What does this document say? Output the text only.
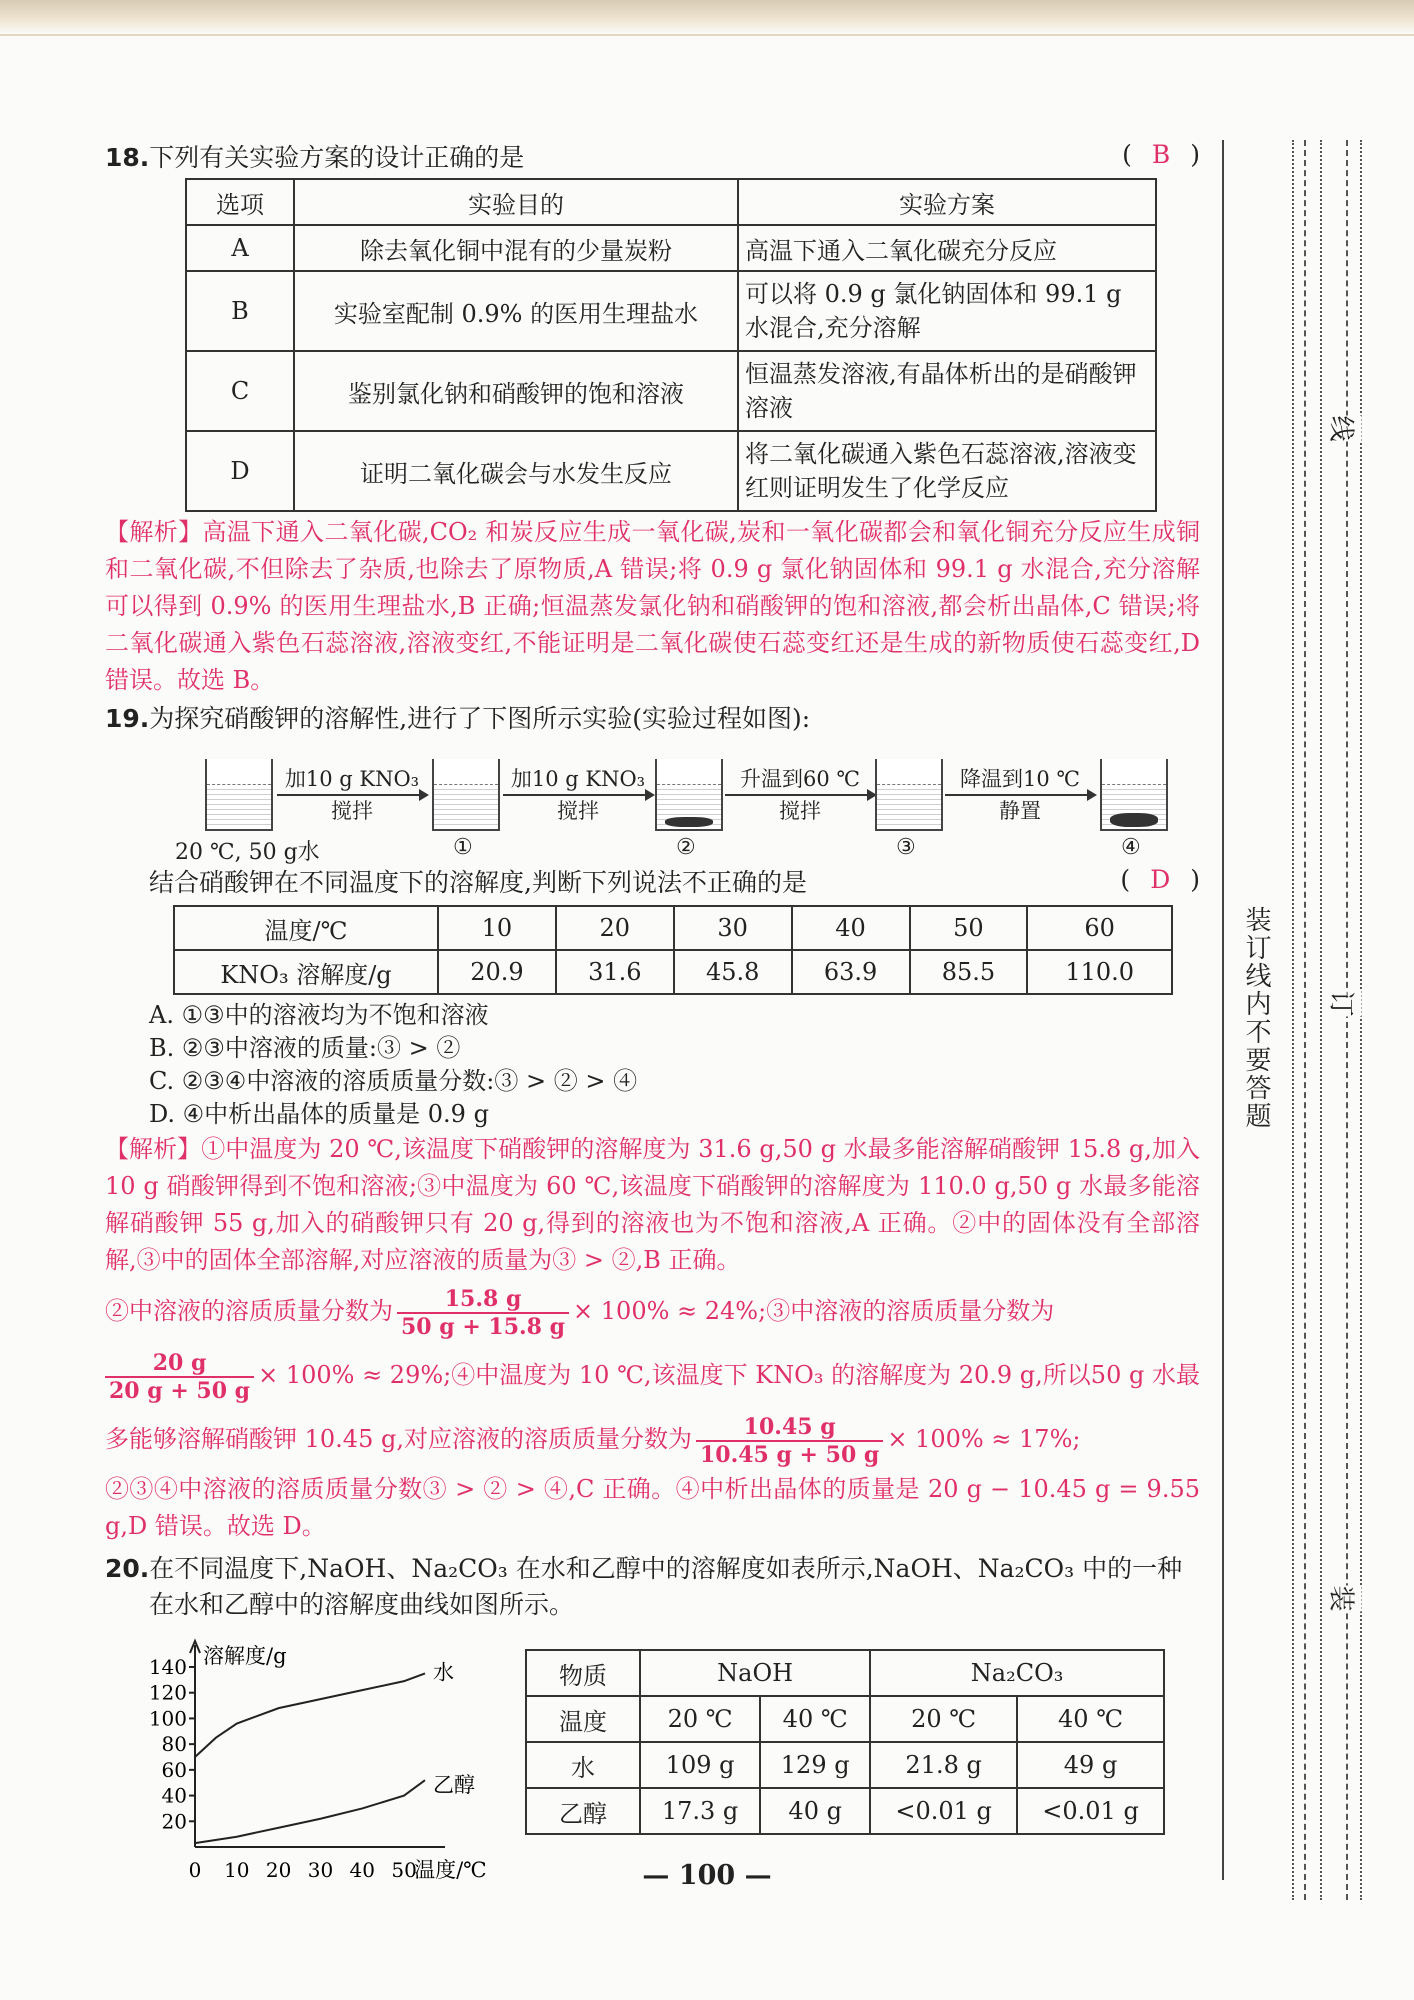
线
装订线内不要答题 订
装

18.下列有关实验方案的设计正确的是	( B )
选项	实验目的	实验方案
A	除去氧化铜中混有的少量炭粉	高温下通入二氧化碳充分反应
B	实验室配制 0.9% 的医用生理盐水	可以将 0.9 g 氯化钠固体和 99.1 g 水混合,充分溶解
C	鉴别氯化钠和硝酸钾的饱和溶液	恒温蒸发溶液,有晶体析出的是硝酸钾溶液
D	证明二氧化碳会与水发生反应	将二氧化碳通入紫色石蕊溶液,溶液变红则证明发生了化学反应

【解析】高温下通入二氧化碳,CO₂ 和炭反应生成一氧化碳,炭和一氧化碳都会和氧化铜充分反应生成铜和二氧化碳,不但除去了杂质,也除去了原物质,A 错误;将 0.9 g 氯化钠固体和 99.1 g 水混合,充分溶解可以得到 0.9% 的医用生理盐水,B 正确;恒温蒸发氯化钠和硝酸钾的饱和溶液,都会析出晶体,C 错误;将二氧化碳通入紫色石蕊溶液,溶液变红,不能证明是二氧化碳使石蕊变红还是生成的新物质使石蕊变红,D 错误。故选 B。

19.为探究硝酸钾的溶解性,进行了下图所示实验(实验过程如图):

加10 g KNO₃
搅拌
加10 g KNO₃
搅拌
升温到60 ℃
搅拌
降温到10 ℃
静置
20 ℃, 50 g水	①	②	③	④

结合硝酸钾在不同温度下的溶解度,判断下列说法不正确的是	( D )
温度/℃	10	20	30	40	50	60
KNO₃ 溶解度/g	20.9	31.6	45.8	63.9	85.5	110.0

A. ①③中的溶液均为不饱和溶液

B. ②③中溶液的质量:③ > ②

C. ②③④中溶液的溶质质量分数:③ > ② > ④

D. ④中析出晶体的质量是 0.9 g

【解析】①中温度为 20 ℃,该温度下硝酸钾的溶解度为 31.6 g,50 g 水最多能溶解硝酸钾 15.8 g,加入 10 g 硝酸钾得到不饱和溶液;③中温度为 60 ℃,该温度下硝酸钾的溶解度为 110.0 g,50 g 水最多能溶解硝酸钾 55 g,加入的硝酸钾只有 20 g,得到的溶液也为不饱和溶液,A 正确。②中的固体没有全部溶解,③中的固体全部溶解,对应溶液的质量为③ > ②,B 正确。

②中溶液的溶质质量分数为 $\frac{15.8 g}{50 g + 15.8 g} \times 100\%$ ≈ 24%;③中溶液的溶质质量分数为

$\frac{20 g}{20 g + 50 g} \times 100\%$ ≈ 29%;④中温度为 10 ℃,该温度下 KNO₃ 的溶解度为 20.9 g,所以50 g 水最多能够溶解硝酸钾 10.45 g,对应溶液的溶质质量分数为 $\frac{10.45 g}{10.45 g + 50 g} \times 100\% \approx 17\%$;

②③④中溶液的溶质质量分数③ > ② > ④,C 正确。④中析出晶体的质量是 20 g − 10.45 g = 9.55 g,D 错误。故选 D。

20.在不同温度下,NaOH、Na₂CO₃ 在水和乙醇中的溶解度如表所示,NaOH、Na₂CO₃ 中的一种

在水和乙醇中的溶解度曲线如图所示。

溶解度/g
温度/℃
20
40
60
80
100
120
140
0 10 20 30 40 50
水
乙醇
物质	NaOH		Na₂CO₃	
温度	20 ℃	40 ℃	20 ℃	40 ℃
水	109 g	129 g	21.8 g	49 g
乙醇	17.3 g	40 g	<0.01 g	<0.01 g
— 100 —
